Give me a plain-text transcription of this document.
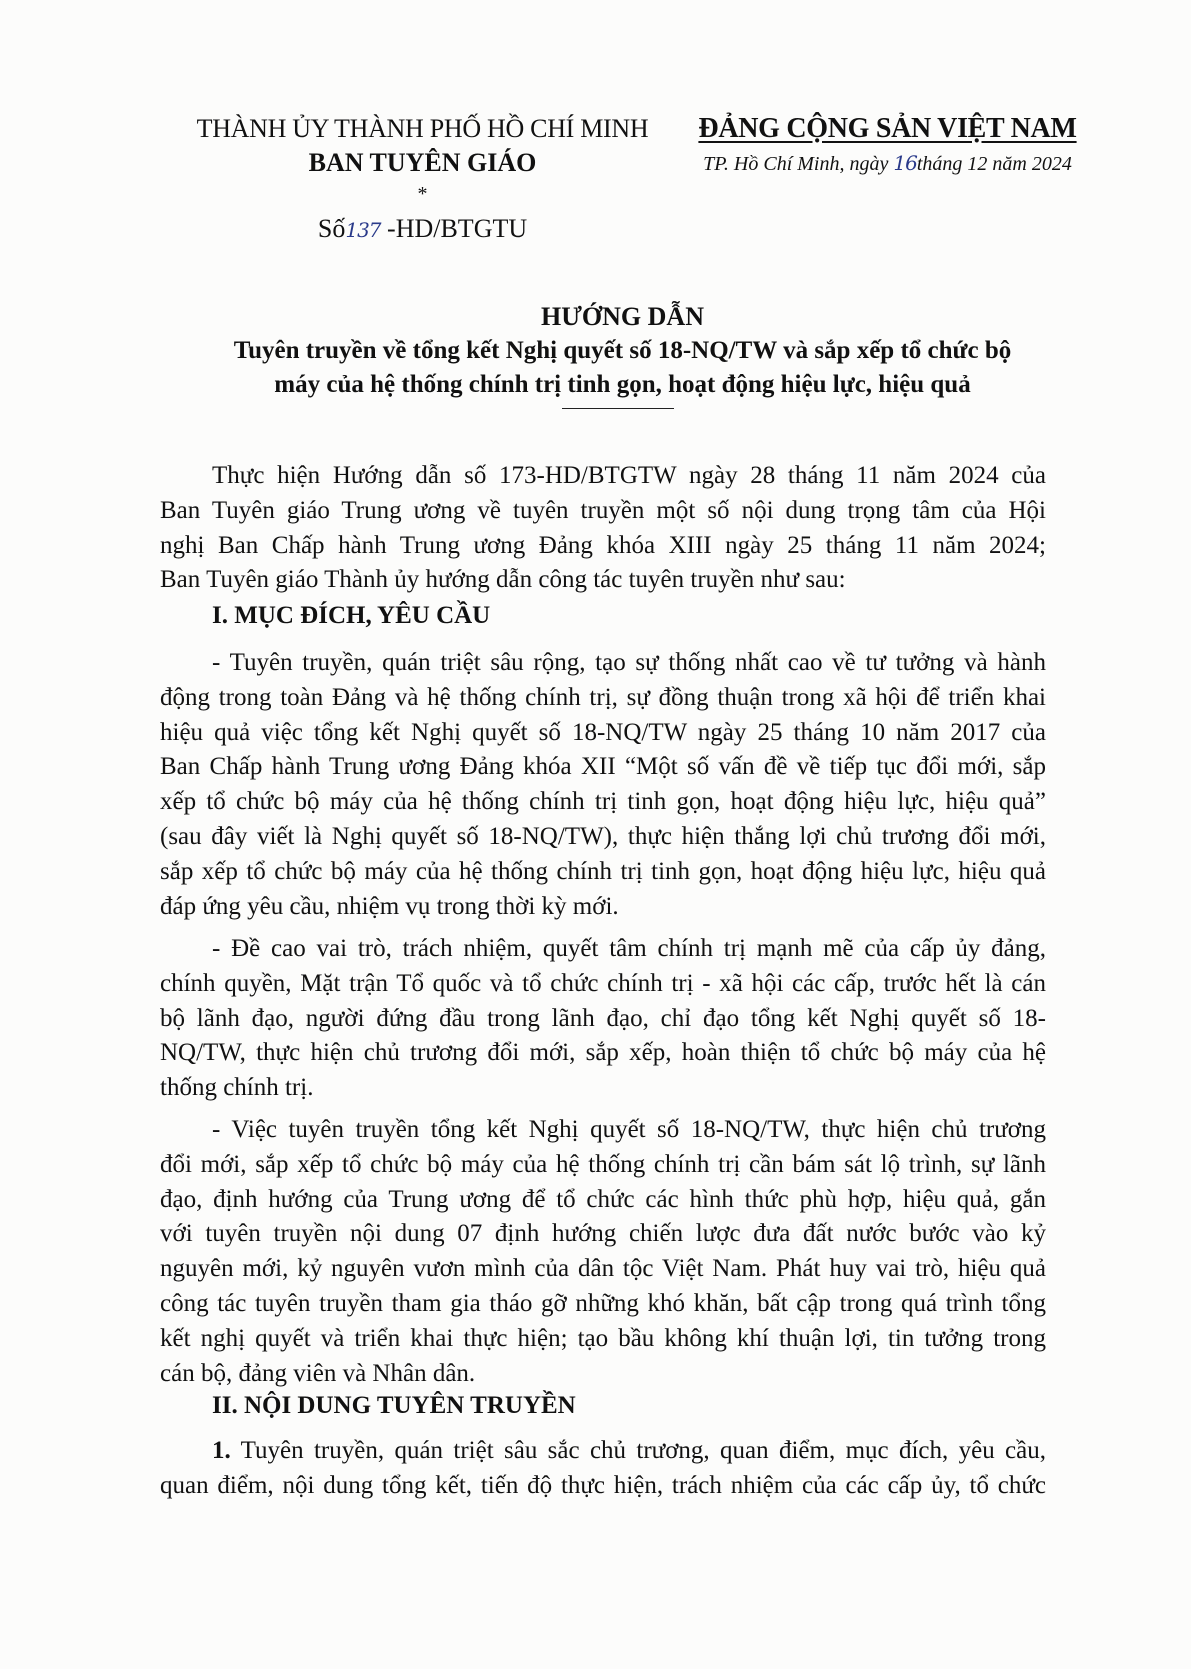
THÀNH ỦY THÀNH PHỐ HỒ CHÍ MINH
BAN TUYÊN GIÁO
*
Số137 -HD/BTGTU
ĐẢNG CỘNG SẢN VIỆT NAM
TP. Hồ Chí Minh, ngày 16tháng 12 năm 2024
HƯỚNG DẪN
Tuyên truyền về tổng kết Nghị quyết số 18-NQ/TW và sắp xếp tổ chức bộ
máy của hệ thống chính trị tinh gọn, hoạt động hiệu lực, hiệu quả
Thực hiện Hướng dẫn số 173-HD/BTGTW ngày 28 tháng 11 năm 2024 của
Ban Tuyên giáo Trung ương về tuyên truyền một số nội dung trọng tâm của Hội
nghị Ban Chấp hành Trung ương Đảng khóa XIII ngày 25 tháng 11 năm 2024;
Ban Tuyên giáo Thành ủy hướng dẫn công tác tuyên truyền như sau:
I. MỤC ĐÍCH, YÊU CẦU
- Tuyên truyền, quán triệt sâu rộng, tạo sự thống nhất cao về tư tưởng và hành
động trong toàn Đảng và hệ thống chính trị, sự đồng thuận trong xã hội để triển khai
hiệu quả việc tổng kết Nghị quyết số 18-NQ/TW ngày 25 tháng 10 năm 2017 của
Ban Chấp hành Trung ương Đảng khóa XII “Một số vấn đề về tiếp tục đổi mới, sắp
xếp tổ chức bộ máy của hệ thống chính trị tinh gọn, hoạt động hiệu lực, hiệu quả”
(sau đây viết là Nghị quyết số 18-NQ/TW), thực hiện thắng lợi chủ trương đổi mới,
sắp xếp tổ chức bộ máy của hệ thống chính trị tinh gọn, hoạt động hiệu lực, hiệu quả
đáp ứng yêu cầu, nhiệm vụ trong thời kỳ mới.
- Đề cao vai trò, trách nhiệm, quyết tâm chính trị mạnh mẽ của cấp ủy đảng,
chính quyền, Mặt trận Tổ quốc và tổ chức chính trị - xã hội các cấp, trước hết là cán
bộ lãnh đạo, người đứng đầu trong lãnh đạo, chỉ đạo tổng kết Nghị quyết số 18-
NQ/TW, thực hiện chủ trương đổi mới, sắp xếp, hoàn thiện tổ chức bộ máy của hệ
thống chính trị.
- Việc tuyên truyền tổng kết Nghị quyết số 18-NQ/TW, thực hiện chủ trương
đổi mới, sắp xếp tổ chức bộ máy của hệ thống chính trị cần bám sát lộ trình, sự lãnh
đạo, định hướng của Trung ương để tổ chức các hình thức phù hợp, hiệu quả, gắn
với tuyên truyền nội dung 07 định hướng chiến lược đưa đất nước bước vào kỷ
nguyên mới, kỷ nguyên vươn mình của dân tộc Việt Nam. Phát huy vai trò, hiệu quả
công tác tuyên truyền tham gia tháo gỡ những khó khăn, bất cập trong quá trình tổng
kết nghị quyết và triển khai thực hiện; tạo bầu không khí thuận lợi, tin tưởng trong
cán bộ, đảng viên và Nhân dân.
II. NỘI DUNG TUYÊN TRUYỀN
1. Tuyên truyền, quán triệt sâu sắc chủ trương, quan điểm, mục đích, yêu cầu,
quan điểm, nội dung tổng kết, tiến độ thực hiện, trách nhiệm của các cấp ủy, tổ chức
